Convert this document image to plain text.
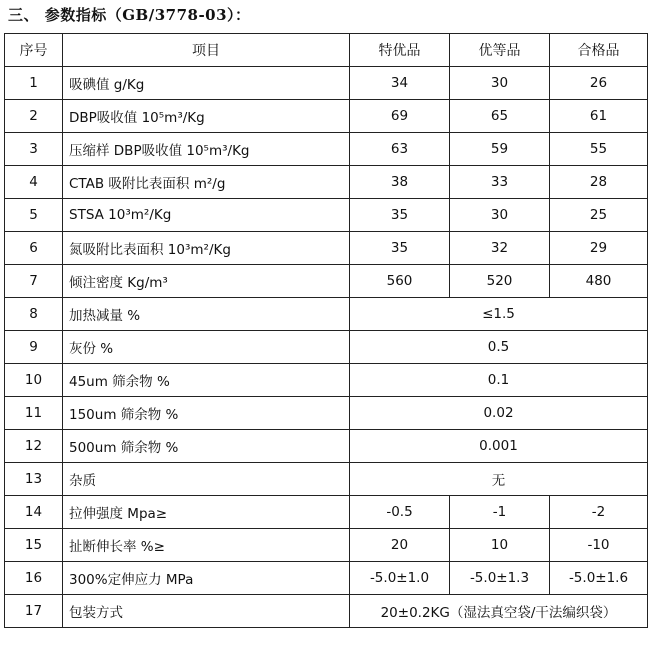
三、 参数指标（GB/3778-03）：
序号	项目	特优品	优等品	合格品
1	吸碘值 g/Kg	34	30	26
2	DBP吸收值 10⁵m³/Kg	69	65	61
3	压缩样 DBP吸收值 10⁵m³/Kg	63	59	55
4	CTAB 吸附比表面积 m²/g	38	33	28
5	STSA 10³m²/Kg	35	30	25
6	氮吸附比表面积 10³m²/Kg	35	32	29
7	倾注密度 Kg/m³	560	520	480
8	加热减量 %	≤1.5		
9	灰份 %	0.5		
10	45um 筛余物 %	0.1		
11	150um 筛余物 %	0.02		
12	500um 筛余物 %	0.001		
13	杂质	无		
14	拉伸强度 Mpa≥	-0.5	-1	-2
15	扯断伸长率 %≥	20	10	-10
16	300%定伸应力 MPa	-5.0±1.0	-5.0±1.3	-5.0±1.6
17	包装方式	20±0.2KG（湿法真空袋/干法编织袋）		
